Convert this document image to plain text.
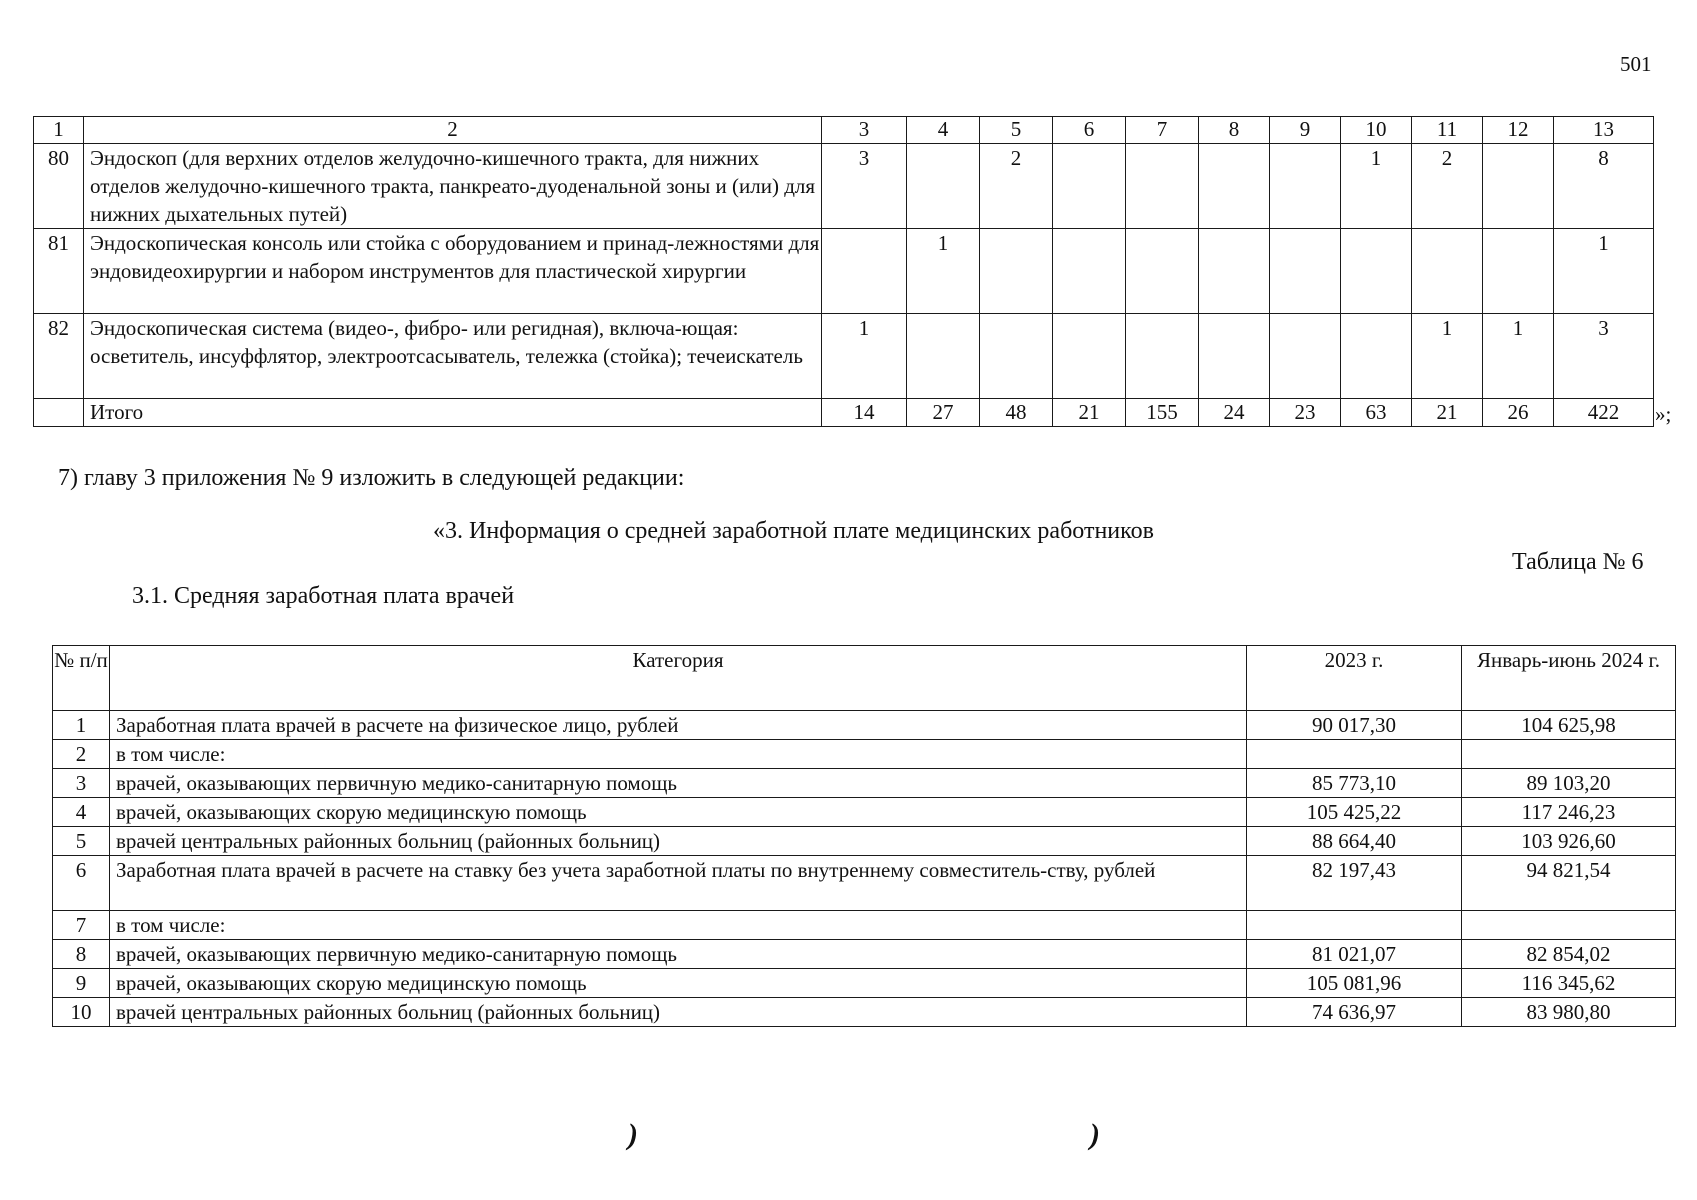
501
1	2	3	4	5	6	7	8	9	10	11	12	13
80	Эндоскоп (для верхних отделов желудочно-кишечного тракта, для нижних отделов желудочно-кишечного тракта, панкреато-дуоденальной зоны и (или) для нижних дыхательных путей)	3		2					1	2		8
81	Эндоскопическая консоль или стойка с оборудованием и принад-лежностями для эндовидеохирургии и набором инструментов для пластической хирургии		1									1
82	Эндоскопическая система (видео-, фибро- или регидная), включа-ющая: осветитель, инсуффлятор, электроотсасыватель, тележка (стойка); течеискатель	1								1	1	3
	Итого	14	27	48	21	155	24	23	63	21	26	422 »;
7) главу 3 приложения № 9 изложить в следующей редакции:
«3. Информация о средней заработной плате медицинских работников
Таблица № 6
3.1. Средняя заработная плата врачей
№ п/п	Категория	2023 г.	Январь-июнь 2024 г.
1	Заработная плата врачей в расчете на физическое лицо, рублей	90 017,30	104 625,98
2	в том числе:		
3	врачей, оказывающих первичную медико-санитарную помощь	85 773,10	89 103,20
4	врачей, оказывающих скорую медицинскую помощь	105 425,22	117 246,23
5	врачей центральных районных больниц (районных больниц)	88 664,40	103 926,60
6	Заработная плата врачей в расчете на ставку без учета заработной платы по внутреннему совместитель-ству, рублей	82 197,43	94 821,54
7	в том числе:		
8	врачей, оказывающих первичную медико-санитарную помощь	81 021,07	82 854,02
9	врачей, оказывающих скорую медицинскую помощь	105 081,96	116 345,62
10	врачей центральных районных больниц (районных больниц)	74 636,97	83 980,80
)	)
